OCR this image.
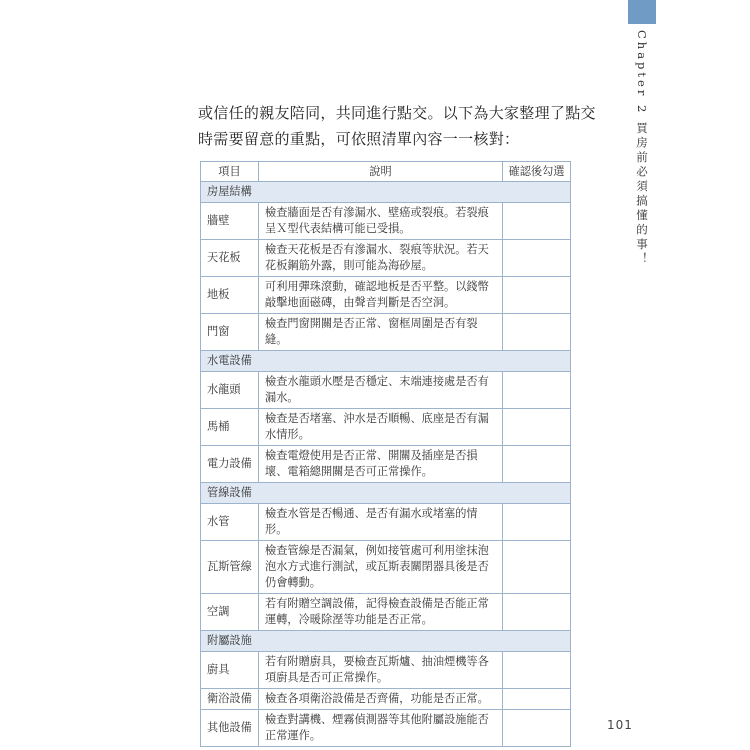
Chapter 2 買房前必須搞懂的事！

或信任的親友陪同，共同進行點交。以下為大家整理了點交時需要留意的重點，可依照清單內容一一核對：

項目	說明	確認後勾選
房屋結構		
牆壁	檢查牆面是否有滲漏水、壁癌或裂痕。若裂痕呈Ｘ型代表結構可能已受損。	
天花板	檢查天花板是否有滲漏水、裂痕等狀況。若天花板鋼筋外露，則可能為海砂屋。	
地板	可利用彈珠滾動，確認地板是否平整。以錢幣敲擊地面磁磚，由聲音判斷是否空洞。	
門窗	檢查門窗開關是否正常、窗框周圍是否有裂縫。	
水電設備		
水龍頭	檢查水龍頭水壓是否穩定、末端連接處是否有漏水。	
馬桶	檢查是否堵塞、沖水是否順暢、底座是否有漏水情形。	
電力設備	檢查電燈使用是否正常、開關及插座是否損壞、電箱總開關是否可正常操作。	
管線設備		
水管	檢查水管是否暢通、是否有漏水或堵塞的情形。	
瓦斯管線	檢查管線是否漏氣，例如接管處可利用塗抹泡泡水方式進行測試，或瓦斯表關閉器具後是否仍會轉動。	
空調	若有附贈空調設備，記得檢查設備是否能正常運轉，冷暖除溼等功能是否正常。	
附屬設施		
廚具	若有附贈廚具，要檢查瓦斯爐、抽油煙機等各項廚具是否可正常操作。	
衛浴設備	檢查各項衛浴設備是否齊備，功能是否正常。	
其他設備	檢查對講機、煙霧偵測器等其他附屬設施能否正常運作。	

101
